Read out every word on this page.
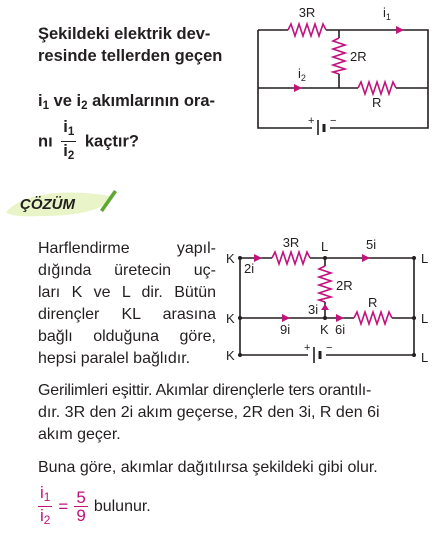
Şekildeki elektrik dev-
resinde tellerden geçen
$i_1$ ve $i_2$ akımlarının ora-
nı $\frac{i_1}{i_2}$ kaçtır?
3R
2R
R
$i_1$
$i_2$
+ −
ÇÖZÜM
Harflendirme yapıl-
dığında üretecin uç-
ları K ve L dir. Bütün
dirençler KL arasına
bağlı olduğuna göre,
hepsi paralel bağlıdır.
K
K
K
L
L
L
L
K
3R
2R
R
2i
5i
3i
9i	6i
+ −
Gerilimleri eşittir. Akımlar dirençlerle ters orantılı-
dır. 3R den 2i akım geçerse, 2R den 3i, R den 6i
akım geçer.
Buna göre, akımlar dağıtılırsa şekildeki gibi olur.
$\frac{i_1}{i_2} = \frac{5}{9}$ bulunur.
